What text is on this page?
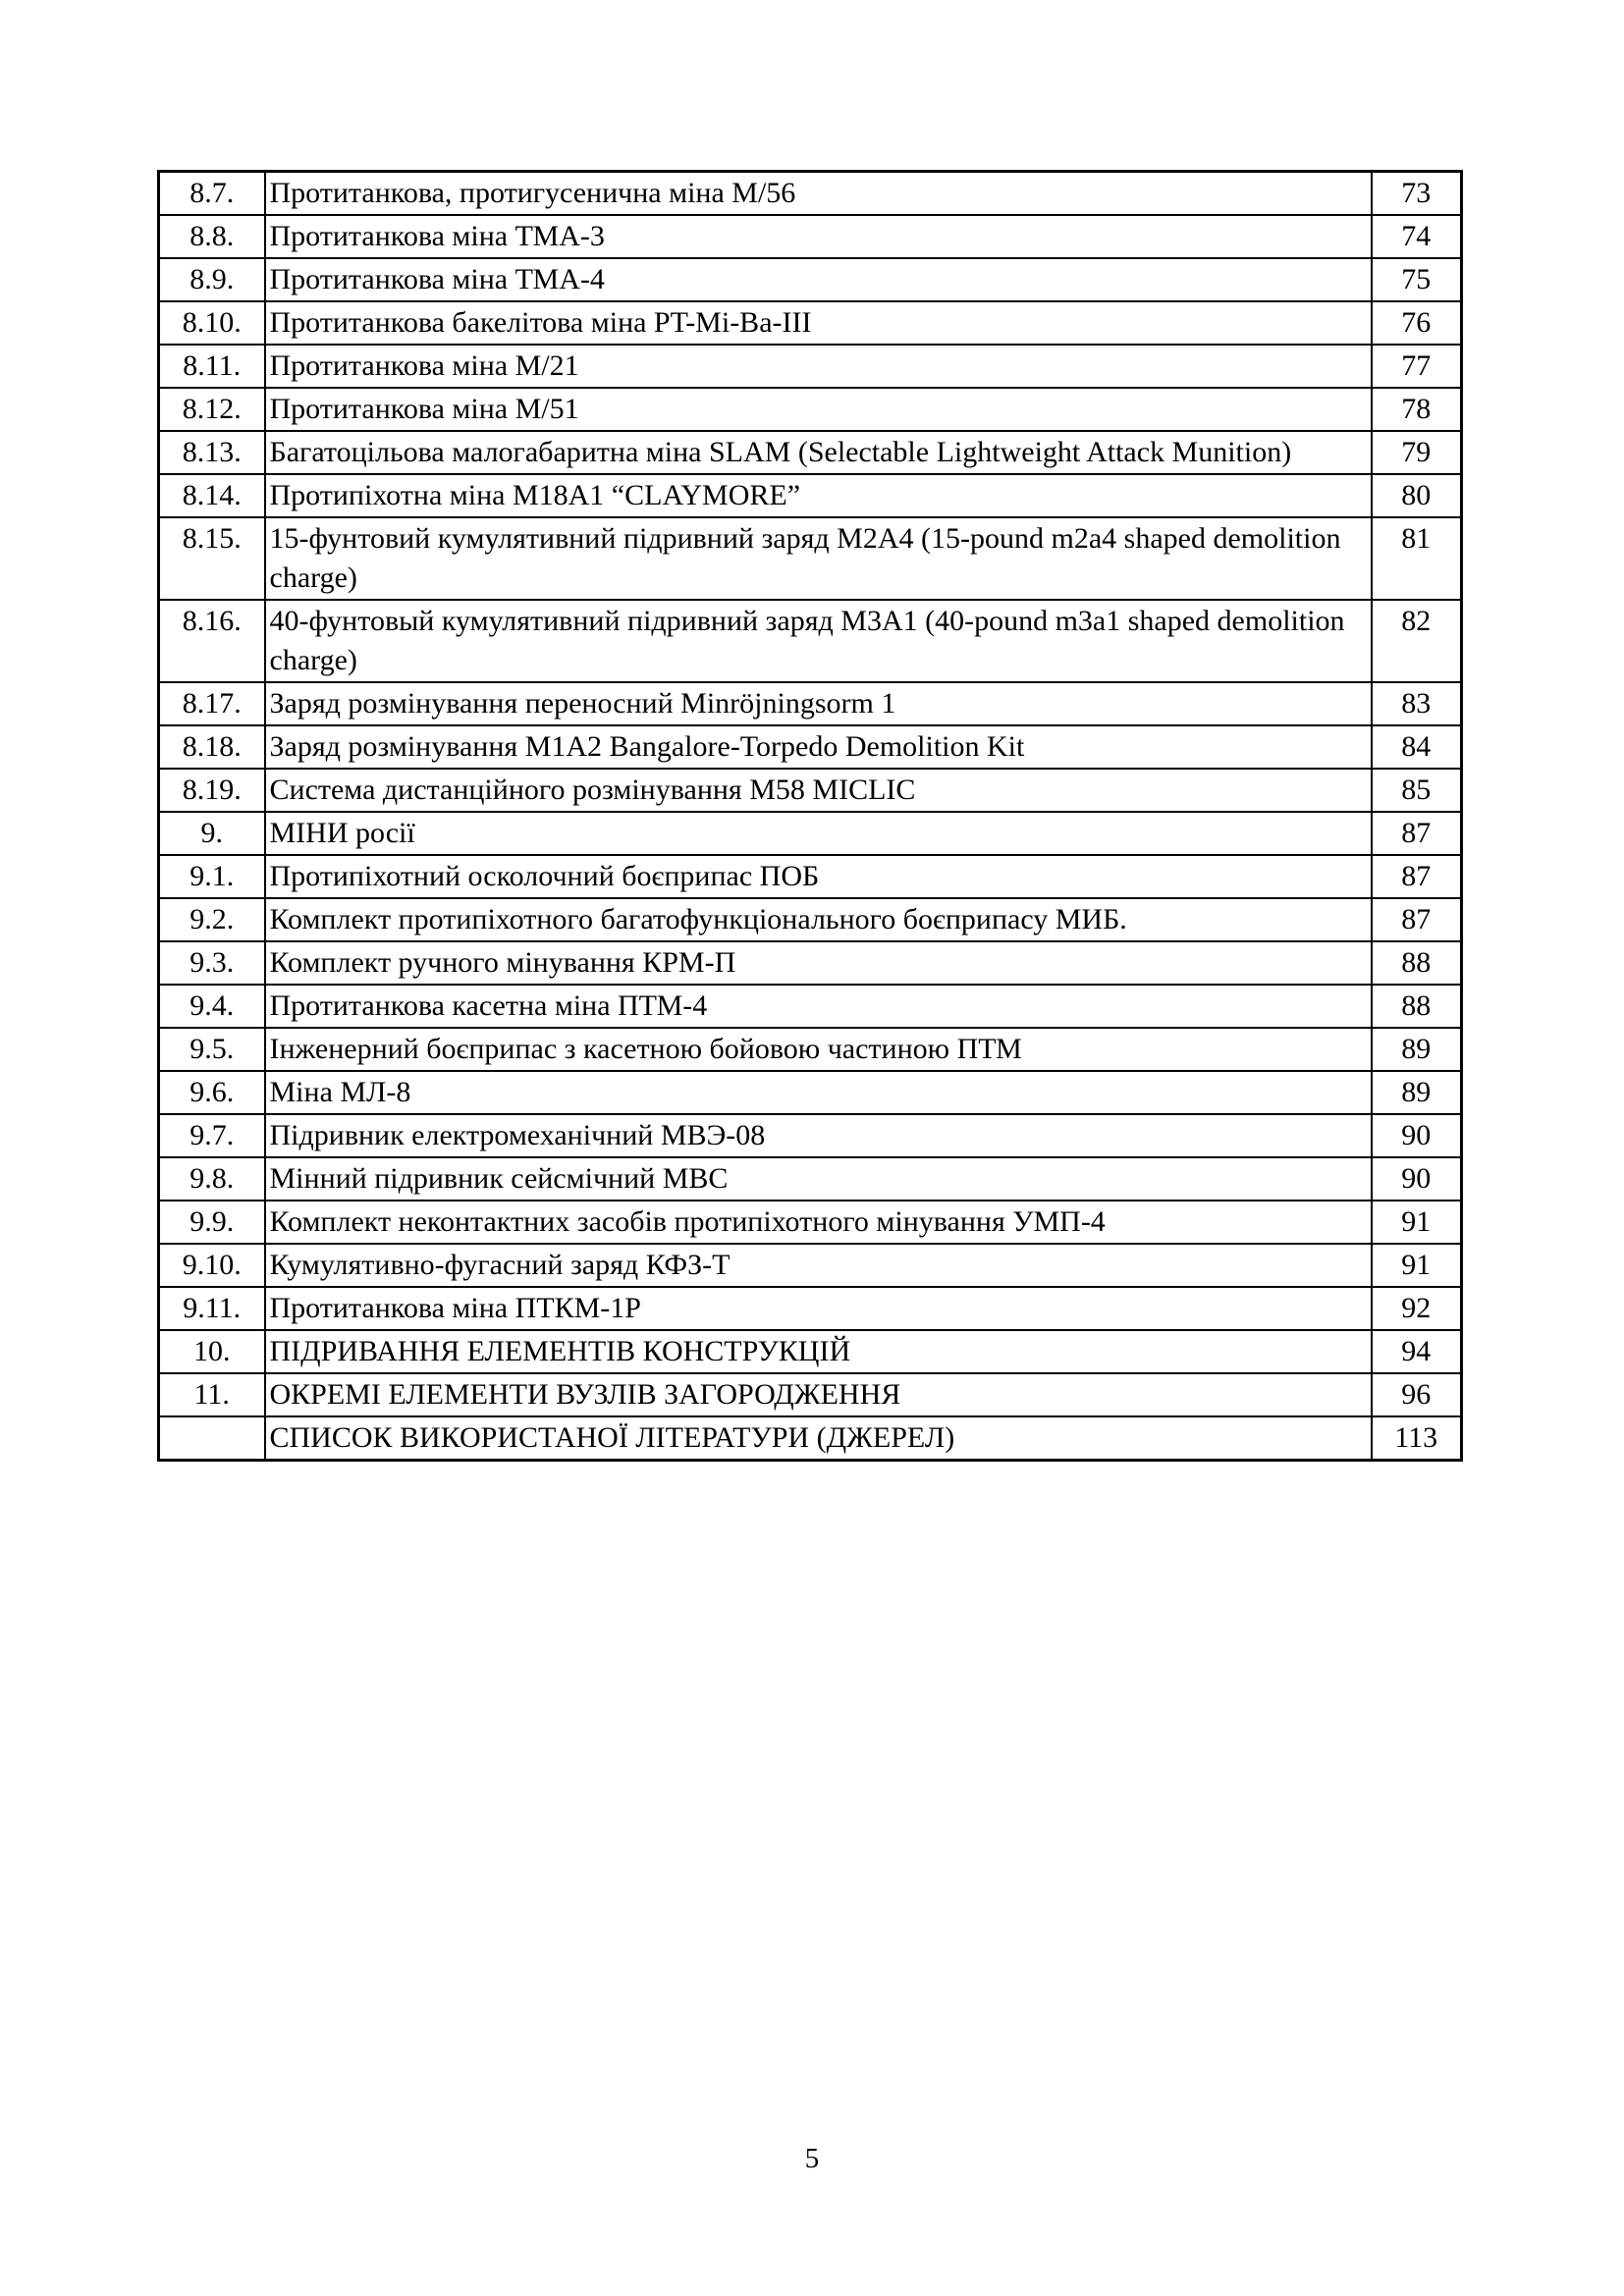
8.7.	Протитанкова, протигусенична міна М/56	73
8.8.	Протитанкова міна ТМА-3	74
8.9.	Протитанкова міна ТМА-4	75
8.10.	Протитанкова бакелітова міна PT-Mi-Ba-III	76
8.11.	Протитанкова міна М/21	77
8.12.	Протитанкова міна М/51	78
8.13.	Багатоцільова малогабаритна міна SLAM (Selectable Lightweight Attack Munition)	79
8.14.	Протипіхотна міна М18А1 “CLAYMORE”	80
8.15.	15-фунтовий кумулятивний підривний заряд М2А4 (15-pound m2a4 shaped demolition charge)	81
8.16.	40-фунтовый кумулятивний підривний заряд М3А1 (40-pound m3a1 shaped demolition charge)	82
8.17.	Заряд розмінування переносний Minröjningsorm 1	83
8.18.	Заряд розмінування М1А2 Bangalore-Torpedo Demolition Kit	84
8.19.	Система дистанційного розмінування М58 MICLIC	85
9.	МІНИ росії	87
9.1.	Протипіхотний осколочний боєприпас ПОБ	87
9.2.	Комплект протипіхотного багатофункціонального боєприпасу МИБ.	87
9.3.	Комплект ручного мінування КРМ-П	88
9.4.	Протитанкова касетна міна ПТМ-4	88
9.5.	Інженерний боєприпас з касетною бойовою частиною ПТМ	89
9.6.	Міна МЛ-8	89
9.7.	Підривник електромеханічний МВЭ-08	90
9.8.	Мінний підривник сейсмічний МВС	90
9.9.	Комплект неконтактних засобів протипіхотного мінування УМП-4	91
9.10.	Кумулятивно-фугасний заряд КФЗ-Т	91
9.11.	Протитанкова міна ПТКМ-1Р	92
10.	ПІДРИВАННЯ ЕЛЕМЕНТІВ КОНСТРУКЦІЙ	94
11.	ОКРЕМІ ЕЛЕМЕНТИ ВУЗЛІВ ЗАГОРОДЖЕННЯ	96
	СПИСОК ВИКОРИСТАНОЇ ЛІТЕРАТУРИ (ДЖЕРЕЛ)	113
5
